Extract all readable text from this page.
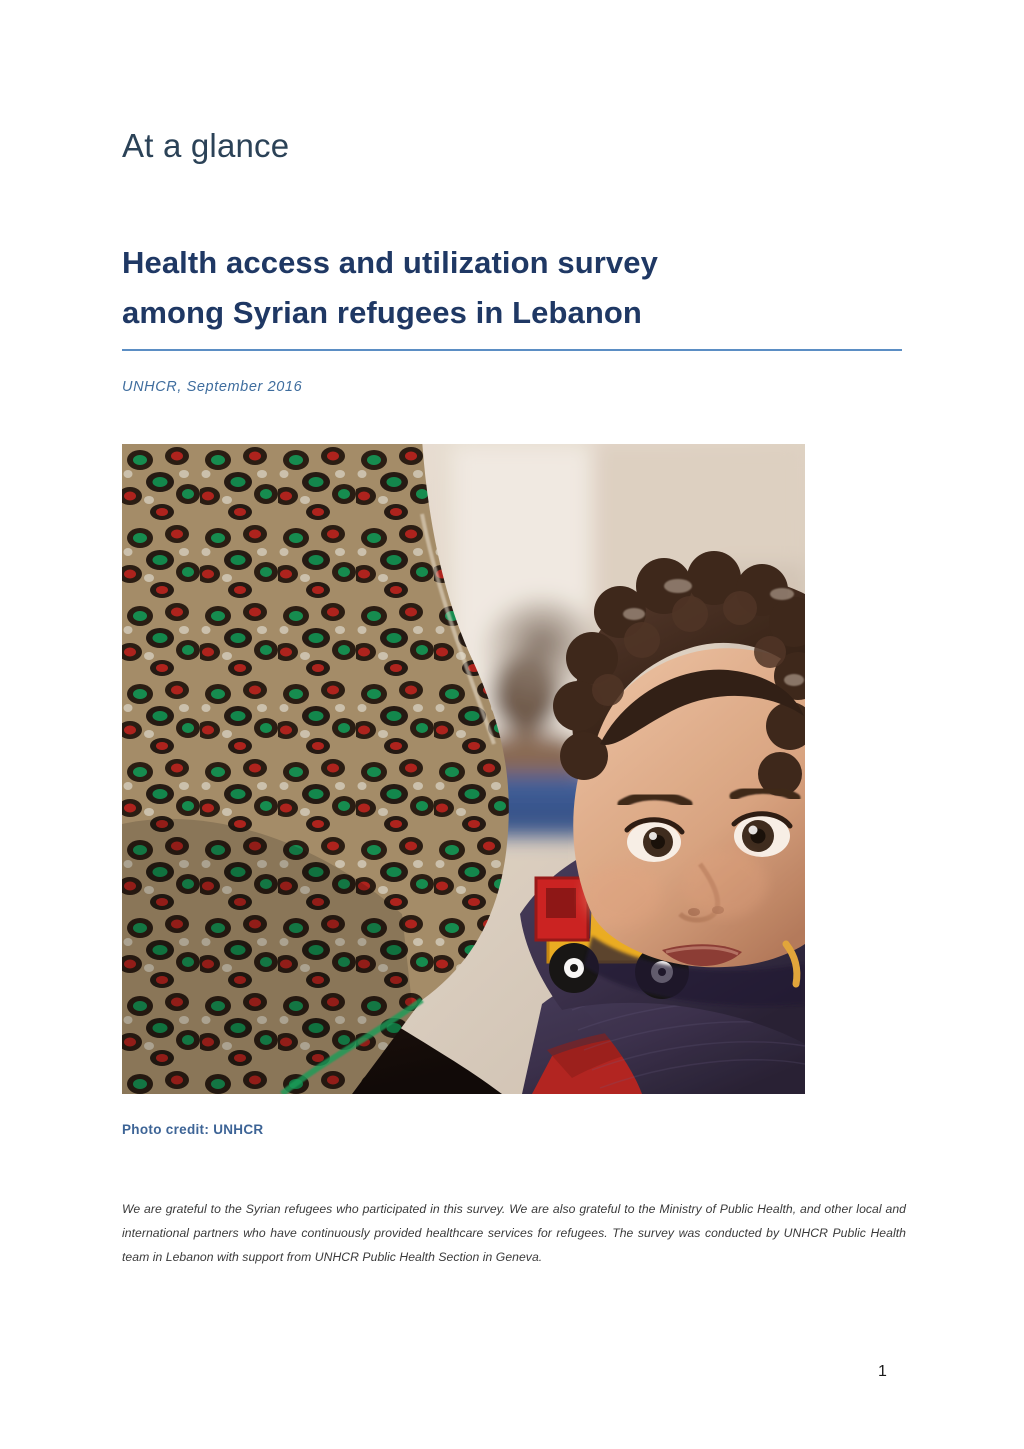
At a glance
Health access and utilization survey
among Syrian refugees in Lebanon
UNHCR, September 2016
Photo credit: UNHCR
We are grateful to the Syrian refugees who participated in this survey. We are also grateful to the Ministry of Public Health, and other local and international partners who have continuously provided healthcare services for refugees. The survey was conducted by UNHCR Public Health team in Lebanon with support from UNHCR Public Health Section in Geneva.
1
